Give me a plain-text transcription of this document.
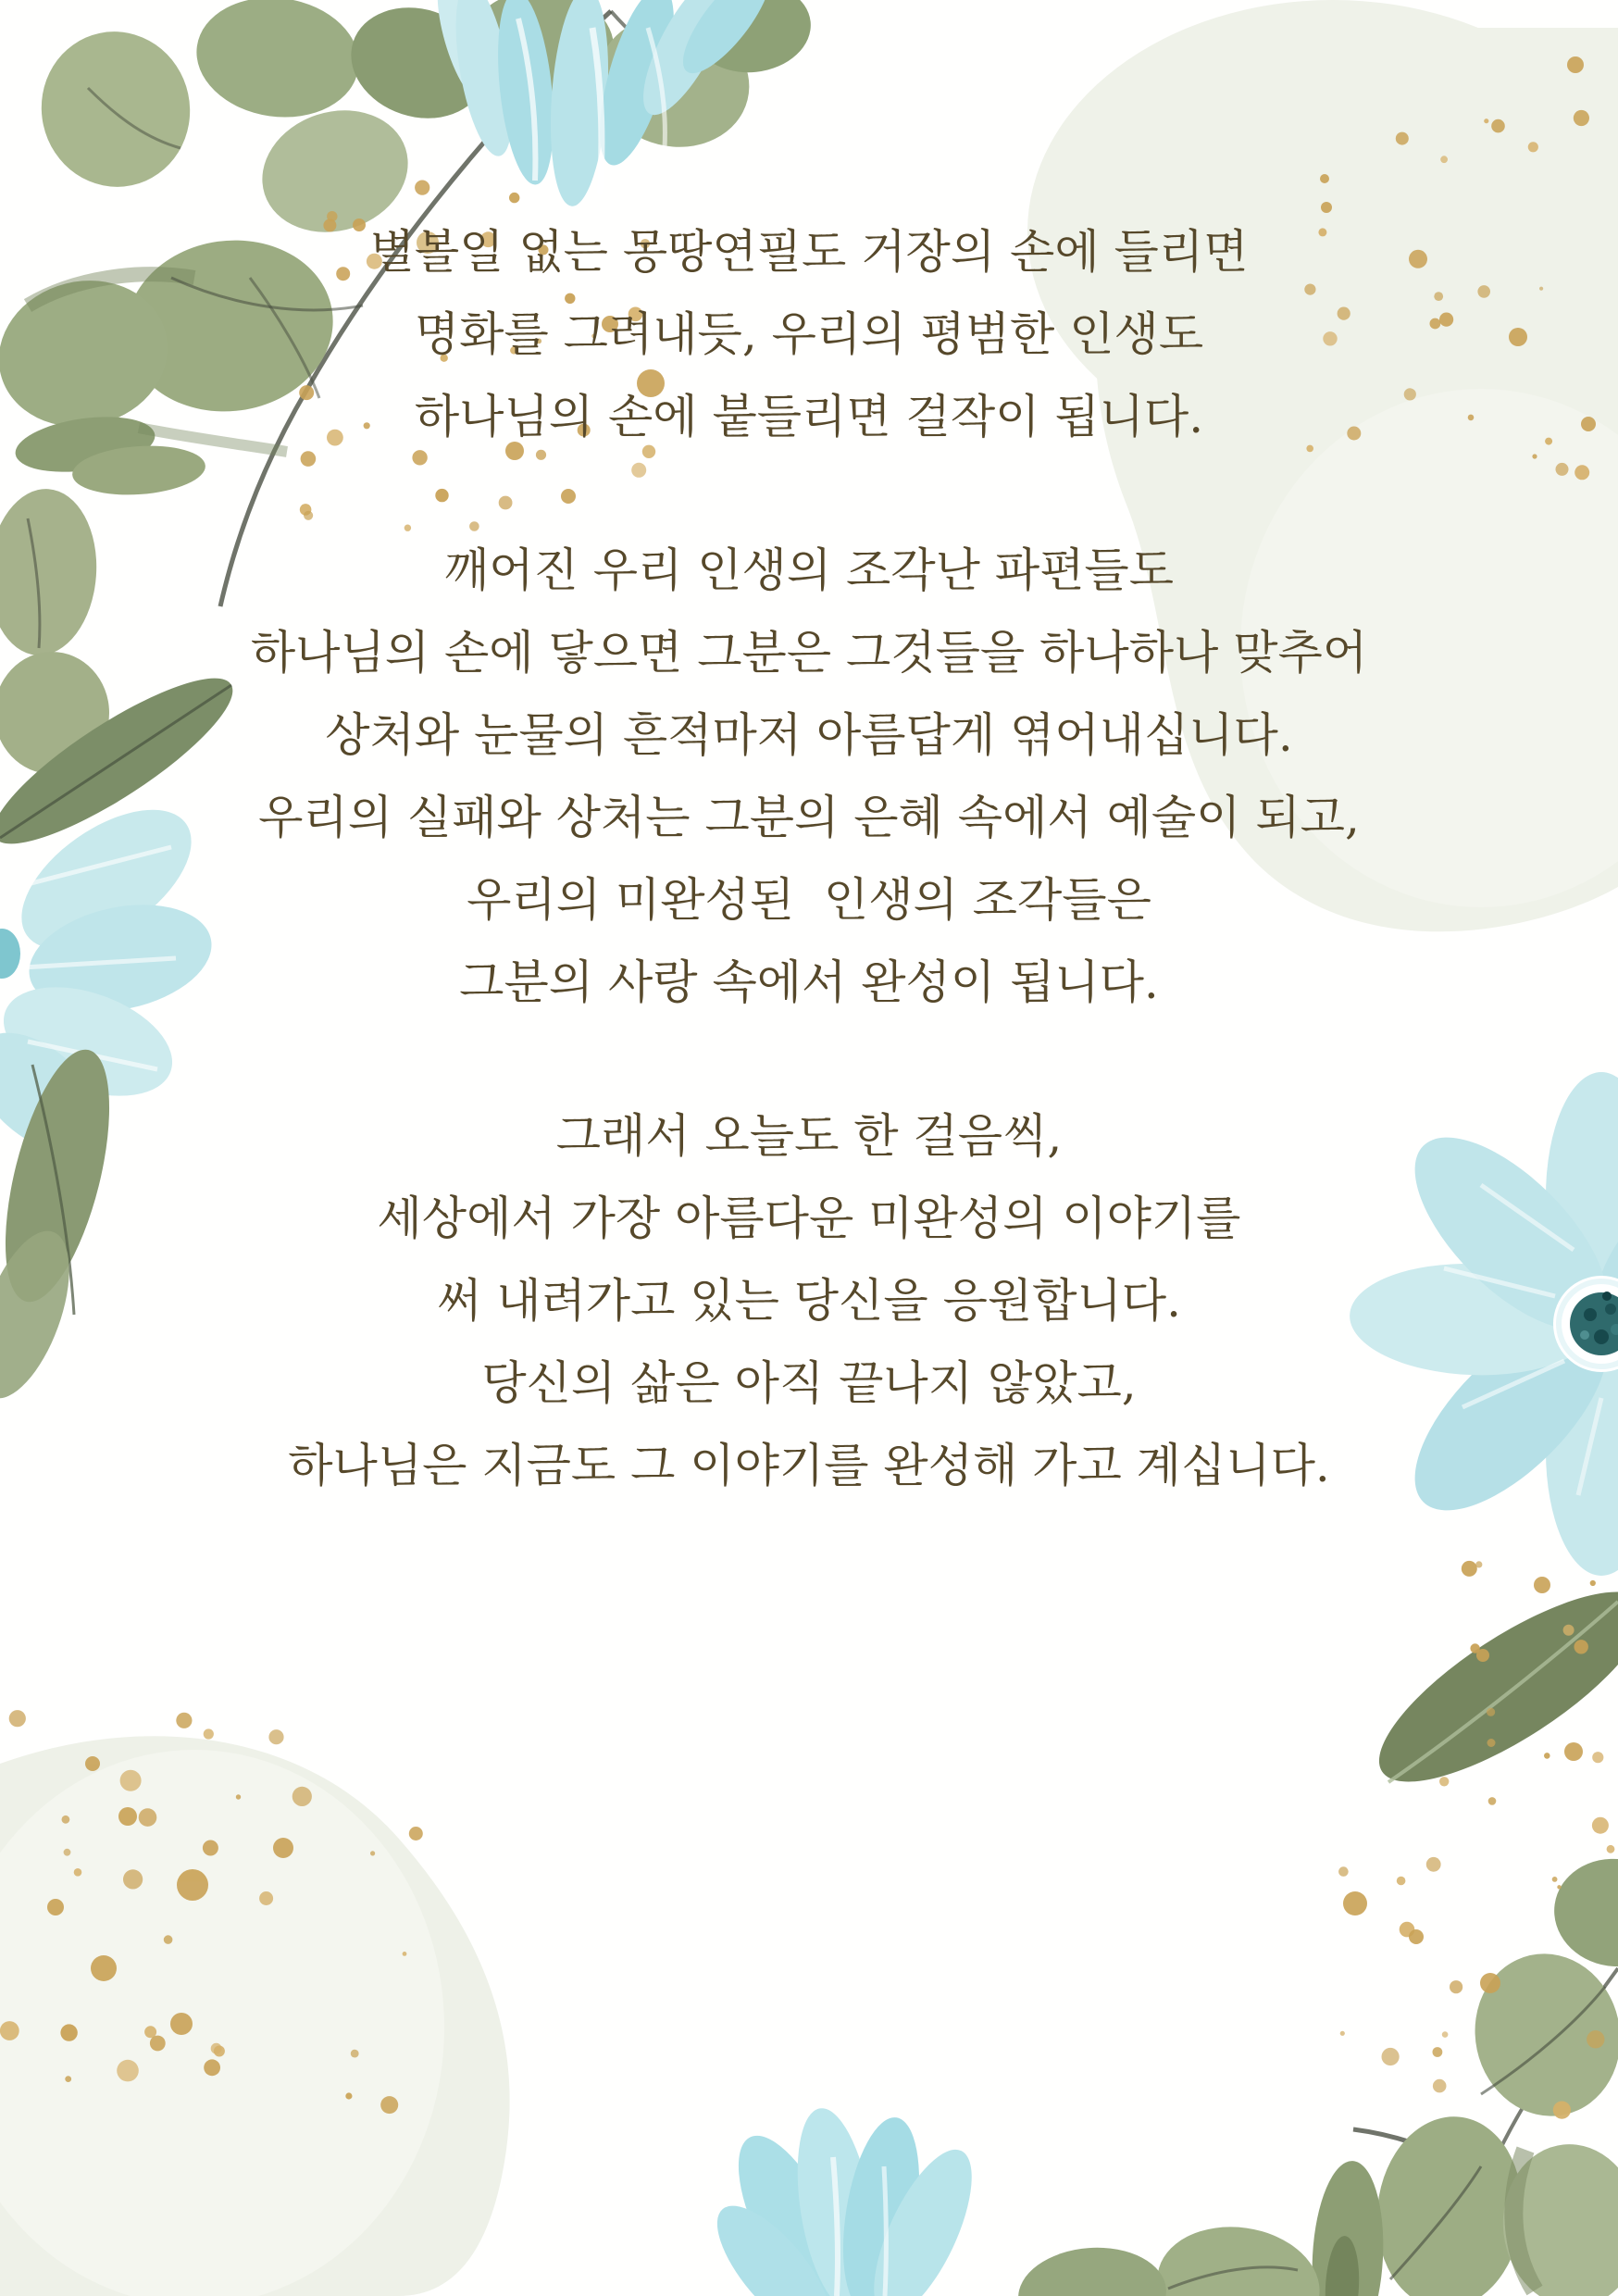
별볼일 없는 몽땅연필도 거장의 손에 들리면
명화를 그려내듯, 우리의 평범한 인생도
하나님의 손에 붙들리면 걸작이 됩니다.
깨어진 우리 인생의 조각난 파편들도
하나님의 손에 닿으면 그분은 그것들을 하나하나 맞추어
상처와 눈물의 흔적마저 아름답게 엮어내십니다.
우리의 실패와 상처는 그분의 은혜 속에서 예술이 되고,
우리의 미완성된  인생의 조각들은
그분의 사랑 속에서 완성이 됩니다.
그래서 오늘도 한 걸음씩,
세상에서 가장 아름다운 미완성의 이야기를
써 내려가고 있는 당신을 응원합니다.
당신의 삶은 아직 끝나지 않았고,
하나님은 지금도 그 이야기를 완성해 가고 계십니다.
